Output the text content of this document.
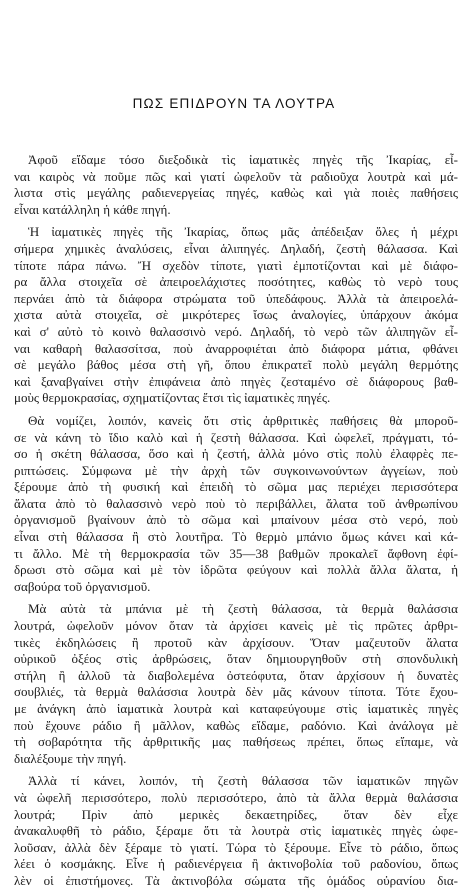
ΠΩΣ ΕΠΙΔΡΟΥΝ ΤΑ ΛΟΥΤΡΑ
Ἀφοῦ εἴδαμε τόσο διεξοδικὰ τὶς ἰαματικὲς πηγὲς τῆς Ἰκαρίας, εἶ-
ναι καιρὸς νὰ ποῦμε πῶς καὶ γιατί ὠφελοῦν τὰ ραδιοῦχα λουτρὰ καὶ μά-
λιστα στὶς μεγάλης ραδιενεργείας πηγές, καθὼς καὶ γιὰ ποιὲς παθήσεις
εἶναι κατάλληλη ἡ κάθε πηγή.
Ἡ ἰαματικὲς πηγὲς τῆς Ἰκαρίας, ὅπως μᾶς ἀπέδειξαν ὅλες ἡ μέχρι
σήμερα χημικὲς ἀναλύσεις, εἶναι ἁλιπηγές. Δηλαδή, ζεστὴ θάλασσα. Καὶ
τίποτε πάρα πάνω. Ἤ σχεδὸν τίποτε, γιατὶ ἐμποτίζονται καὶ μὲ διάφο-
ρα ἄλλα στοιχεῖα σὲ ἀπειροελάχιστες ποσότητες, καθὼς τὸ νερὸ τους
περνάει ἀπὸ τὰ διάφορα στρώματα τοῦ ὑπεδάφους. Ἀλλὰ τὰ ἀπειροελά-
χιστα αὐτὰ στοιχεῖα, σὲ μικρότερες ἴσως ἀναλογίες, ὑπάρχουν ἀκόμα
καὶ σ' αὐτὸ τὸ κοινὸ θαλασσινὸ νερό. Δηλαδή, τὸ νερὸ τῶν ἁλιπηγῶν εἶ-
ναι καθαρὴ θαλασσίτσα, ποὺ ἀναρροφιέται ἀπὸ διάφορα μάτια, φθάνει
σὲ μεγάλο βάθος μέσα στὴ γῆ, ὅπου ἐπικρατεῖ πολὺ μεγάλη θερμότης
καὶ ξαναβγαίνει στὴν ἐπιφάνεια ἀπὸ πηγὲς ζεσταμένο σὲ διάφορους βαθ-
μοὺς θερμοκρασίας, σχηματίζοντας ἔτσι τὶς ἰαματικὲς πηγές.
Θὰ νομίζει, λοιπόν, κανεὶς ὅτι στὶς ἀρθριτικὲς παθήσεις θὰ μποροῦ-
σε νὰ κάνη τὸ ἴδιο καλὸ καὶ ἡ ζεστὴ θάλασσα. Καὶ ὠφελεῖ, πράγματι, τό-
σο ἡ σκέτη θάλασσα, ὅσο καὶ ἡ ζεστή, ἀλλὰ μόνο στὶς πολὺ ἐλαφρὲς πε-
ριπτώσεις. Σύμφωνα μὲ τὴν ἀρχὴ τῶν συγκοινωνούντων ἀγγείων, ποὺ
ξέρουμε ἀπὸ τὴ φυσική καὶ ἐπειδὴ τὸ σῶμα μας περιέχει περισσότερα
ἅλατα ἀπὸ τὸ θαλασσινὸ νερὸ ποὺ τὸ περιβάλλει, ἅλατα τοῦ ἀνθρωπίνου
ὀργανισμοῦ βγαίνουν ἀπὸ τὸ σῶμα καὶ μπαίνουν μέσα στὸ νερό, ποὺ
εἶναι στὴ θάλασσα ἢ στὸ λουτῆρα. Τὸ θερμὸ μπάνιο ὅμως κάνει καὶ κά-
τι ἄλλο. Μὲ τὴ θερμοκρασία τῶν 35—38 βαθμῶν προκαλεῖ ἄφθονη ἐφί-
δρωσι στὸ σῶμα καὶ μὲ τὸν ἱδρῶτα φεύγουν καὶ πολλὰ ἄλλα ἅλατα, ἡ
σαβούρα τοῦ ὀργανισμοῦ.
Μὰ αὐτὰ τὰ μπάνια μὲ τὴ ζεστὴ θάλασσα, τὰ θερμὰ θαλάσσια
λουτρά, ὠφελοῦν μόνον ὅταν τὰ ἀρχίσει κανεὶς μὲ τὶς πρῶτες ἀρθρι-
τικὲς ἐκδηλώσεις ἢ προτοῦ κὰν ἀρχίσουν. Ὅταν μαζευτοῦν ἅλατα
οὐρικοῦ ὀξέος στὶς ἀρθρώσεις, ὅταν δημιουργηθοῦν στὴ σπονδυλικὴ
στήλη ἢ ἀλλοῦ τὰ διαβολεμένα ὀστεόφυτα, ὅταν ἀρχίσουν ἡ δυνατὲς
σουβλιές, τὰ θερμὰ θαλάσσια λουτρὰ δὲν μᾶς κάνουν τίποτα. Τότε ἔχου-
με ἀνάγκη ἀπὸ ἰαματικὰ λουτρὰ καὶ καταφεύγουμε στὶς ἰαματικὲς πηγὲς
ποὺ ἔχουνε ράδιο ἢ μᾶλλον, καθὼς εἴδαμε, ραδόνιο. Καὶ ἀνάλογα μὲ
τὴ σοβαρότητα τῆς ἀρθριτικῆς μας παθήσεως πρέπει, ὅπως εἴπαμε, νὰ
διαλέξουμε τὴν πηγή.
Ἀλλὰ τί κάνει, λοιπόν, τὴ ζεστὴ θάλασσα τῶν ἰαματικῶν πηγῶν
νὰ ὠφελῆ περισσότερο, πολὺ περισσότερο, ἀπὸ τὰ ἄλλα θερμὰ θαλάσσια
λουτρά; Πρὶν ἀπὸ μερικὲς δεκαετηρίδες, ὅταν δὲν εἶχε
ἀνακαλυφθῆ τὸ ράδιο, ξέραμε ὅτι τὰ λουτρὰ στὶς ἰαματικὲς πηγὲς ὠφε-
λοῦσαν, ἀλλὰ δὲν ξέραμε τὸ γιατί. Τώρα τὸ ξέρουμε. Εἶνε τὸ ράδιο, ὅπως
λέει ὁ κοσμάκης. Εἶνε ἡ ραδιενέργεια ἢ ἀκτινοβολία τοῦ ραδονίου, ὅπως
λὲν οἱ ἐπιστήμονες. Τὰ ἀκτινοβόλα σώματα τῆς ὁμάδος οὐρανίου δια-
